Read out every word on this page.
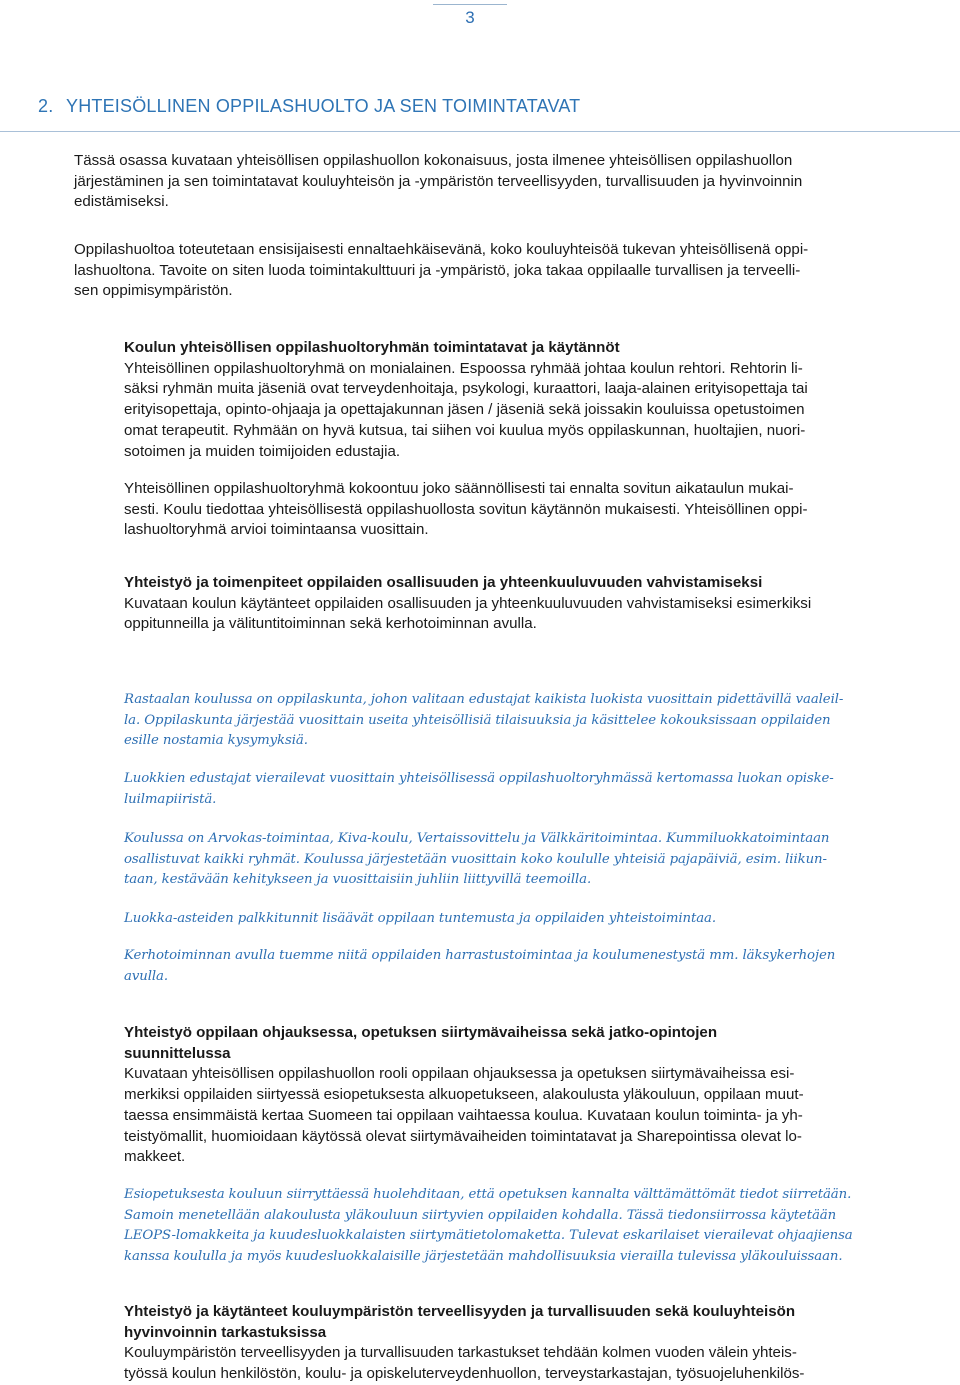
3
2. YHTEISÖLLINEN OPPILASHUOLTO JA SEN TOIMINTATAVAT
Tässä osassa kuvataan yhteisöllisen oppilashuollon kokonaisuus, josta ilmenee yhteisöllisen oppilashuollon
järjestäminen ja sen toimintatavat kouluyhteisön ja -ympäristön terveellisyyden, turvallisuuden ja hyvinvoinnin
edistämiseksi.
Oppilashuoltoa toteutetaan ensisijaisesti ennaltaehkäisevänä, koko kouluyhteisöä tukevan yhteisöllisenä oppi-
lashuoltona. Tavoite on siten luoda toimintakulttuuri ja -ympäristö, joka takaa oppilaalle turvallisen ja terveelli-
sen oppimisympäristön.
Koulun yhteisöllisen oppilashuoltoryhmän toimintatavat ja käytännöt
Yhteisöllinen oppilashuoltoryhmä on monialainen. Espoossa ryhmää johtaa koulun rehtori. Rehtorin li-
säksi ryhmän muita jäseniä ovat terveydenhoitaja, psykologi, kuraattori, laaja-alainen erityisopettaja tai
erityisopettaja, opinto-ohjaaja ja opettajakunnan jäsen / jäseniä sekä joissakin kouluissa opetustoimen
omat terapeutit. Ryhmään on hyvä kutsua, tai siihen voi kuulua myös oppilaskunnan, huoltajien, nuori-
sotoimen ja muiden toimijoiden edustajia.
Yhteisöllinen oppilashuoltoryhmä kokoontuu joko säännöllisesti tai ennalta sovitun aikataulun mukai-
sesti. Koulu tiedottaa yhteisöllisestä oppilashuollosta sovitun käytännön mukaisesti. Yhteisöllinen oppi-
lashuoltoryhmä arvioi toimintaansa vuosittain.
Yhteistyö ja toimenpiteet oppilaiden osallisuuden ja yhteenkuuluvuuden vahvistamiseksi
Kuvataan koulun käytänteet oppilaiden osallisuuden ja yhteenkuuluvuuden vahvistamiseksi esimerkiksi
oppitunneilla ja välituntitoiminnan sekä kerhotoiminnan avulla.
Rastaalan koulussa on oppilaskunta, johon valitaan edustajat kaikista luokista vuosittain pidettävillä vaaleil-
la. Oppilaskunta järjestää vuosittain useita yhteisöllisiä tilaisuuksia ja käsittelee kokouksissaan oppilaiden
esille nostamia kysymyksiä.
Luokkien edustajat vierailevat vuosittain yhteisöllisessä oppilashuoltoryhmässä kertomassa luokan opiske-
luilmapiiristä.
Koulussa on Arvokas-toimintaa, Kiva-koulu, Vertaissovittelu ja Välkkäritoimintaa. Kummiluokkatoimintaan
osallistuvat kaikki ryhmät. Koulussa järjestetään vuosittain koko koululle yhteisiä pajapäiviä, esim. liikun-
taan, kestävään kehitykseen ja vuosittaisiin juhliin liittyvillä teemoilla.
Luokka-asteiden palkkitunnit lisäävät oppilaan tuntemusta ja oppilaiden yhteistoimintaa.
Kerhotoiminnan avulla tuemme niitä oppilaiden harrastustoimintaa ja koulumenestystä mm. läksykerhojen
avulla.
Yhteistyö oppilaan ohjauksessa, opetuksen siirtymävaiheissa sekä jatko-opintojen
suunnittelussa
Kuvataan yhteisöllisen oppilashuollon rooli oppilaan ohjauksessa ja opetuksen siirtymävaiheissa esi-
merkiksi oppilaiden siirtyessä esiopetuksesta alkuopetukseen, alakoulusta yläkouluun, oppilaan muut-
taessa ensimmäistä kertaa Suomeen tai oppilaan vaihtaessa koulua. Kuvataan koulun toiminta- ja yh-
teistyömallit, huomioidaan käytössä olevat siirtymävaiheiden toimintatavat ja Sharepointissa olevat lo-
makkeet.
Esiopetuksesta kouluun siirryttäessä huolehditaan, että opetuksen kannalta välttämättömät tiedot siirretään.
Samoin menetellään alakoulusta yläkouluun siirtyvien oppilaiden kohdalla. Tässä tiedonsiirrossa käytetään
LEOPS-lomakkeita ja kuudesluokkalaisten siirtymätietolomaketta. Tulevat eskarilaiset vierailevat ohjaajiensa
kanssa koululla ja myös kuudesluokkalaisille järjestetään mahdollisuuksia vierailla tulevissa yläkouluissaan.
Yhteistyö ja käytänteet kouluympäristön terveellisyyden ja turvallisuuden sekä kouluyhteisön
hyvinvoinnin tarkastuksissa
Kouluympäristön terveellisyyden ja turvallisuuden tarkastukset tehdään kolmen vuoden välein yhteis-
työssä koulun henkilöstön, koulu- ja opiskeluterveydenhuollon, terveystarkastajan, työsuojeluhenkilös-
